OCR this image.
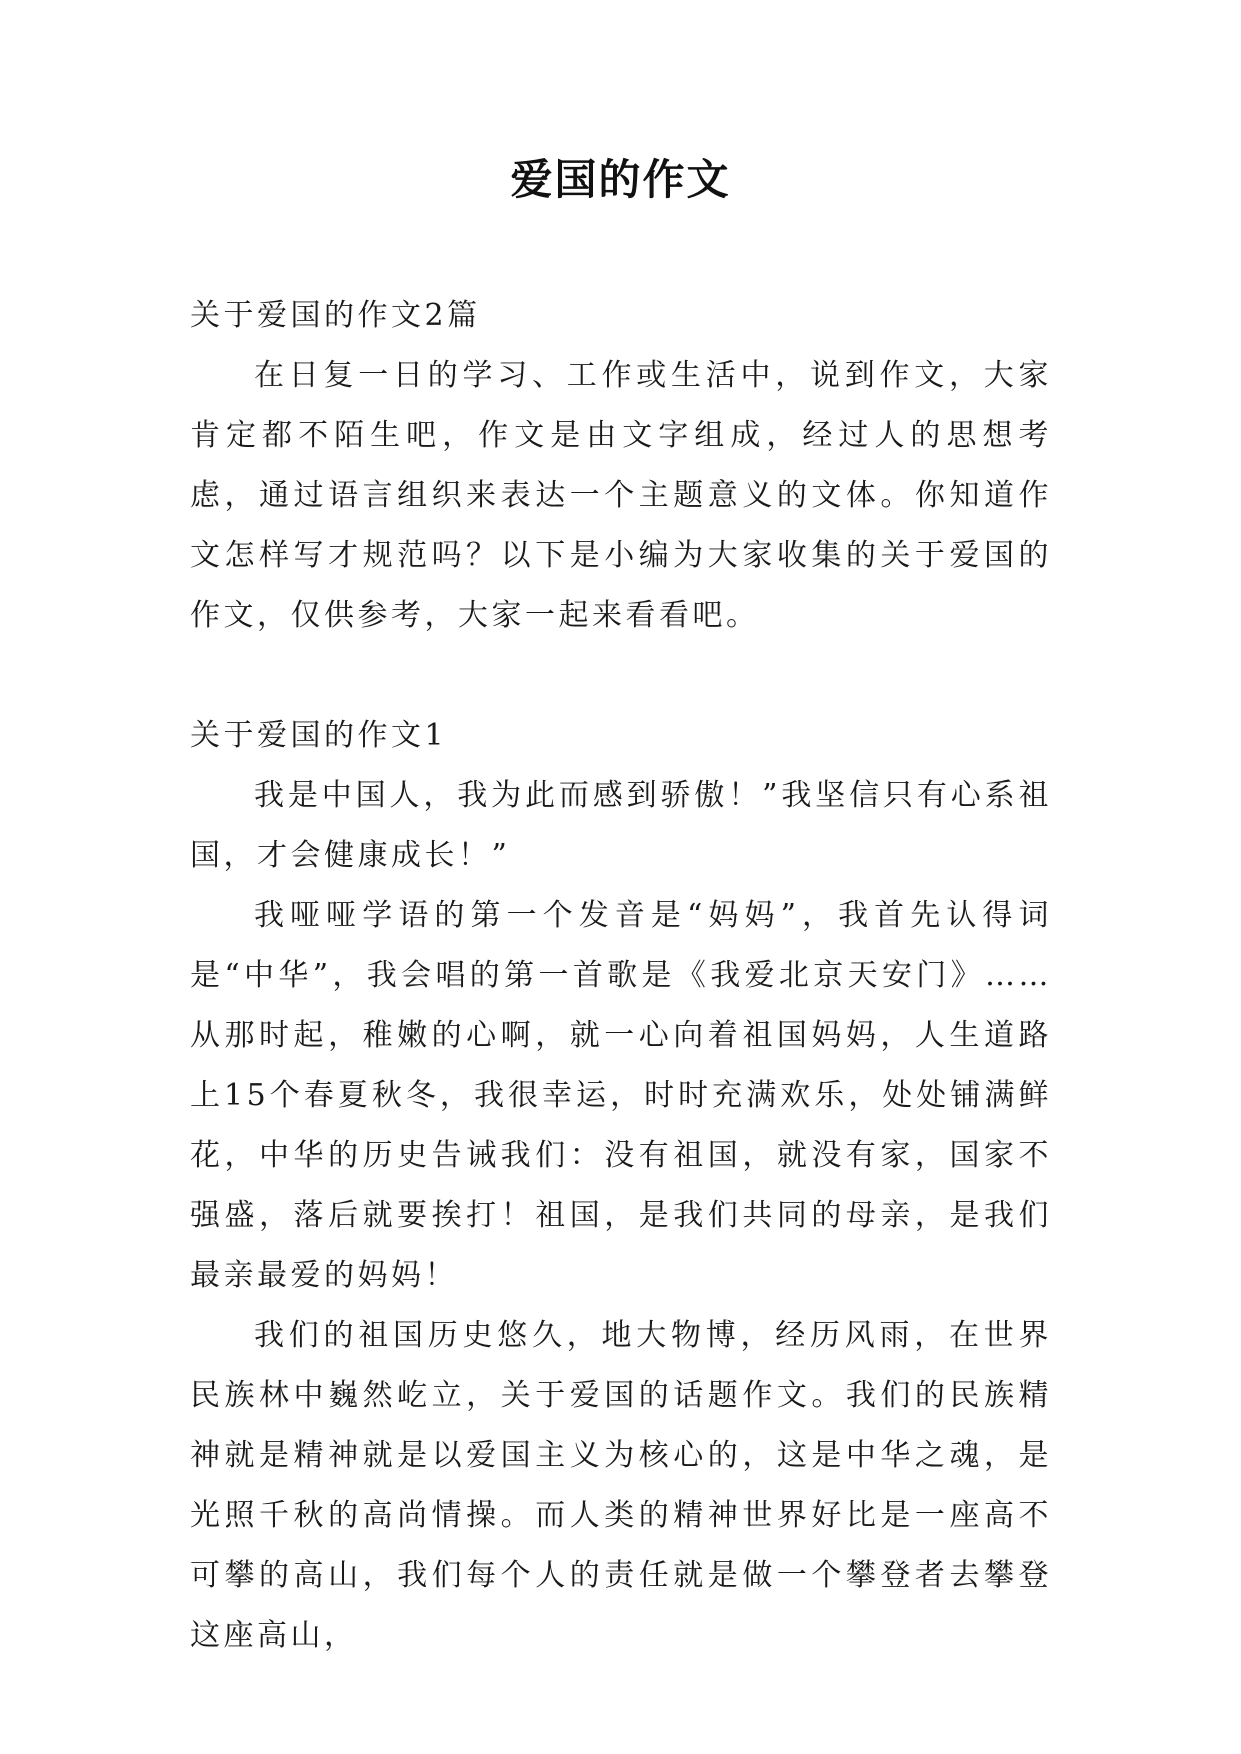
爱国的作文

关于爱国的作文2篇

在日复一日的学习、工作或生活中，说到作文，大家肯定都不陌生吧，作文是由文字组成，经过人的思想考虑，通过语言组织来表达一个主题意义的文体。你知道作文怎样写才规范吗？以下是小编为大家收集的关于爱国的作文，仅供参考，大家一起来看看吧。

关于爱国的作文1

我是中国人，我为此而感到骄傲！”我坚信只有心系祖国，才会健康成长！”

我哑哑学语的第一个发音是“妈妈”，我首先认得词是“中华”，我会唱的第一首歌是《我爱北京天安门》……从那时起，稚嫩的心啊，就一心向着祖国妈妈，人生道路上15个春夏秋冬，我很幸运，时时充满欢乐，处处铺满鲜花，中华的历史告诫我们：没有祖国，就没有家，国家不强盛，落后就要挨打！祖国，是我们共同的母亲，是我们最亲最爱的妈妈！

我们的祖国历史悠久，地大物博，经历风雨，在世界民族林中巍然屹立，关于爱国的话题作文。我们的民族精神就是精神就是以爱国主义为核心的，这是中华之魂，是光照千秋的高尚情操。而人类的精神世界好比是一座高不可攀的高山，我们每个人的责任就是做一个攀登者去攀登这座高山，
